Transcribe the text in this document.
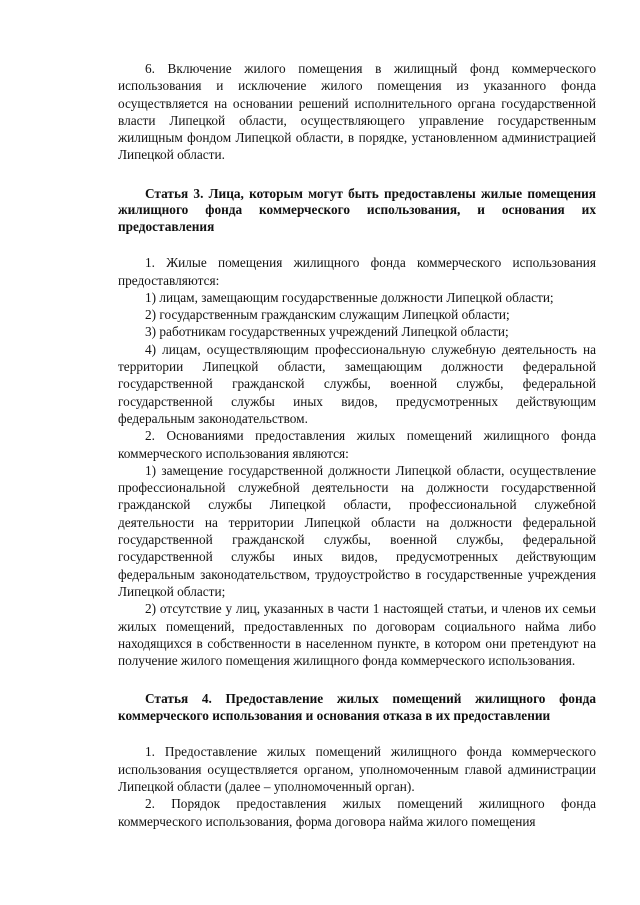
6. Включение жилого помещения в жилищный фонд коммерческого использования и исключение жилого помещения из указанного фонда осуществляется на основании решений исполнительного органа государственной власти Липецкой области, осуществляющего управление государственным жилищным фондом Липецкой области, в порядке, установленном администрацией Липецкой области.

Статья 3. Лица, которым могут быть предоставлены жилые помещения жилищного фонда коммерческого использования, и основания их предоставления

1. Жилые помещения жилищного фонда коммерческого использования предоставляются:

1) лицам, замещающим государственные должности Липецкой области;

2) государственным гражданским служащим Липецкой области;

3) работникам государственных учреждений Липецкой области;

4) лицам, осуществляющим профессиональную служебную деятельность на территории Липецкой области, замещающим должности федеральной государственной гражданской службы, военной службы, федеральной государственной службы иных видов, предусмотренных действующим федеральным законодательством.

2. Основаниями предоставления жилых помещений жилищного фонда коммерческого использования являются:

1) замещение государственной должности Липецкой области, осуществление профессиональной служебной деятельности на должности государственной гражданской службы Липецкой области, профессиональной служебной деятельности на территории Липецкой области на должности федеральной государственной гражданской службы, военной службы, федеральной государственной службы иных видов, предусмотренных действующим федеральным законодательством, трудоустройство в государственные учреждения Липецкой области;

2) отсутствие у лиц, указанных в части 1 настоящей статьи, и членов их семьи жилых помещений, предоставленных по договорам социального найма либо находящихся в собственности в населенном пункте, в котором они претендуют на получение жилого помещения жилищного фонда коммерческого использования.

Статья 4. Предоставление жилых помещений жилищного фонда коммерческого использования и основания отказа в их предоставлении

1. Предоставление жилых помещений жилищного фонда коммерческого использования осуществляется органом, уполномоченным главой администрации Липецкой области (далее – уполномоченный орган).

2. Порядок предоставления жилых помещений жилищного фонда коммерческого использования, форма договора найма жилого помещения
